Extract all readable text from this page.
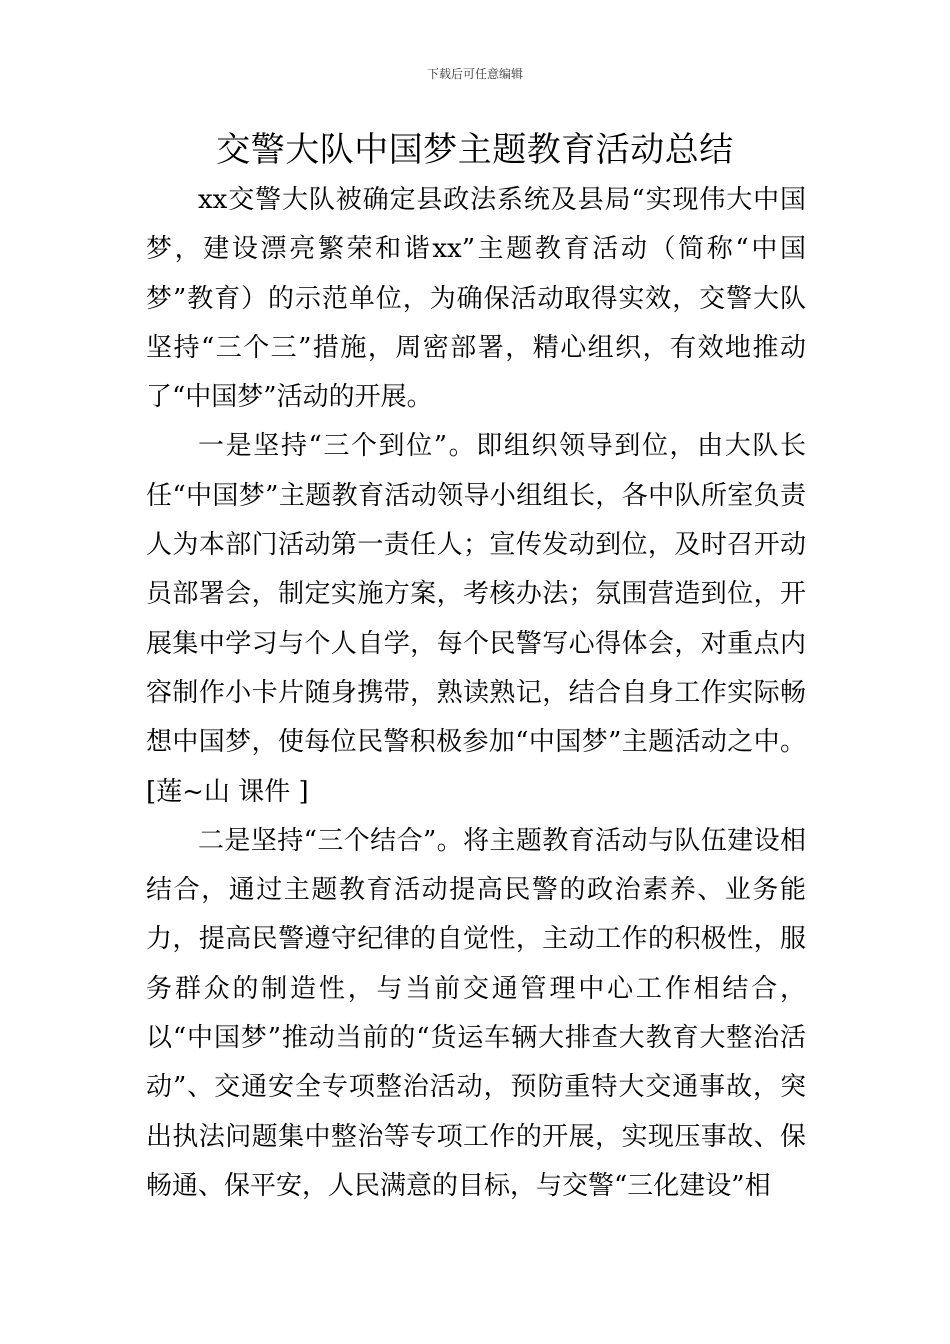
下载后可任意编辑
交警大队中国梦主题教育活动总结

xx交警大队被确定县政法系统及县局“实现伟大中国梦，建设漂亮繁荣和谐xx”主题教育活动（简称“中国梦”教育）的示范单位，为确保活动取得实效，交警大队坚持“三个三”措施，周密部署，精心组织，有效地推动了“中国梦”活动的开展。

一是坚持“三个到位”。即组织领导到位，由大队长任“中国梦”主题教育活动领导小组组长，各中队所室负责人为本部门活动第一责任人；宣传发动到位，及时召开动员部署会，制定实施方案，考核办法；氛围营造到位，开展集中学习与个人自学，每个民警写心得体会，对重点内容制作小卡片随身携带，熟读熟记，结合自身工作实际畅想中国梦，使每位民警积极参加“中国梦”主题活动之中。[莲~山 课件 ]

二是坚持“三个结合”。将主题教育活动与队伍建设相结合，通过主题教育活动提高民警的政治素养、业务能力，提高民警遵守纪律的自觉性，主动工作的积极性，服务群众的制造性，与当前交通管理中心工作相结合，以“中国梦”推动当前的“货运车辆大排查大教育大整治活动”、交通安全专项整治活动，预防重特大交通事故，突出执法问题集中整治等专项工作的开展，实现压事故、保畅通、保平安，人民满意的目标，与交警“三化建设”相
